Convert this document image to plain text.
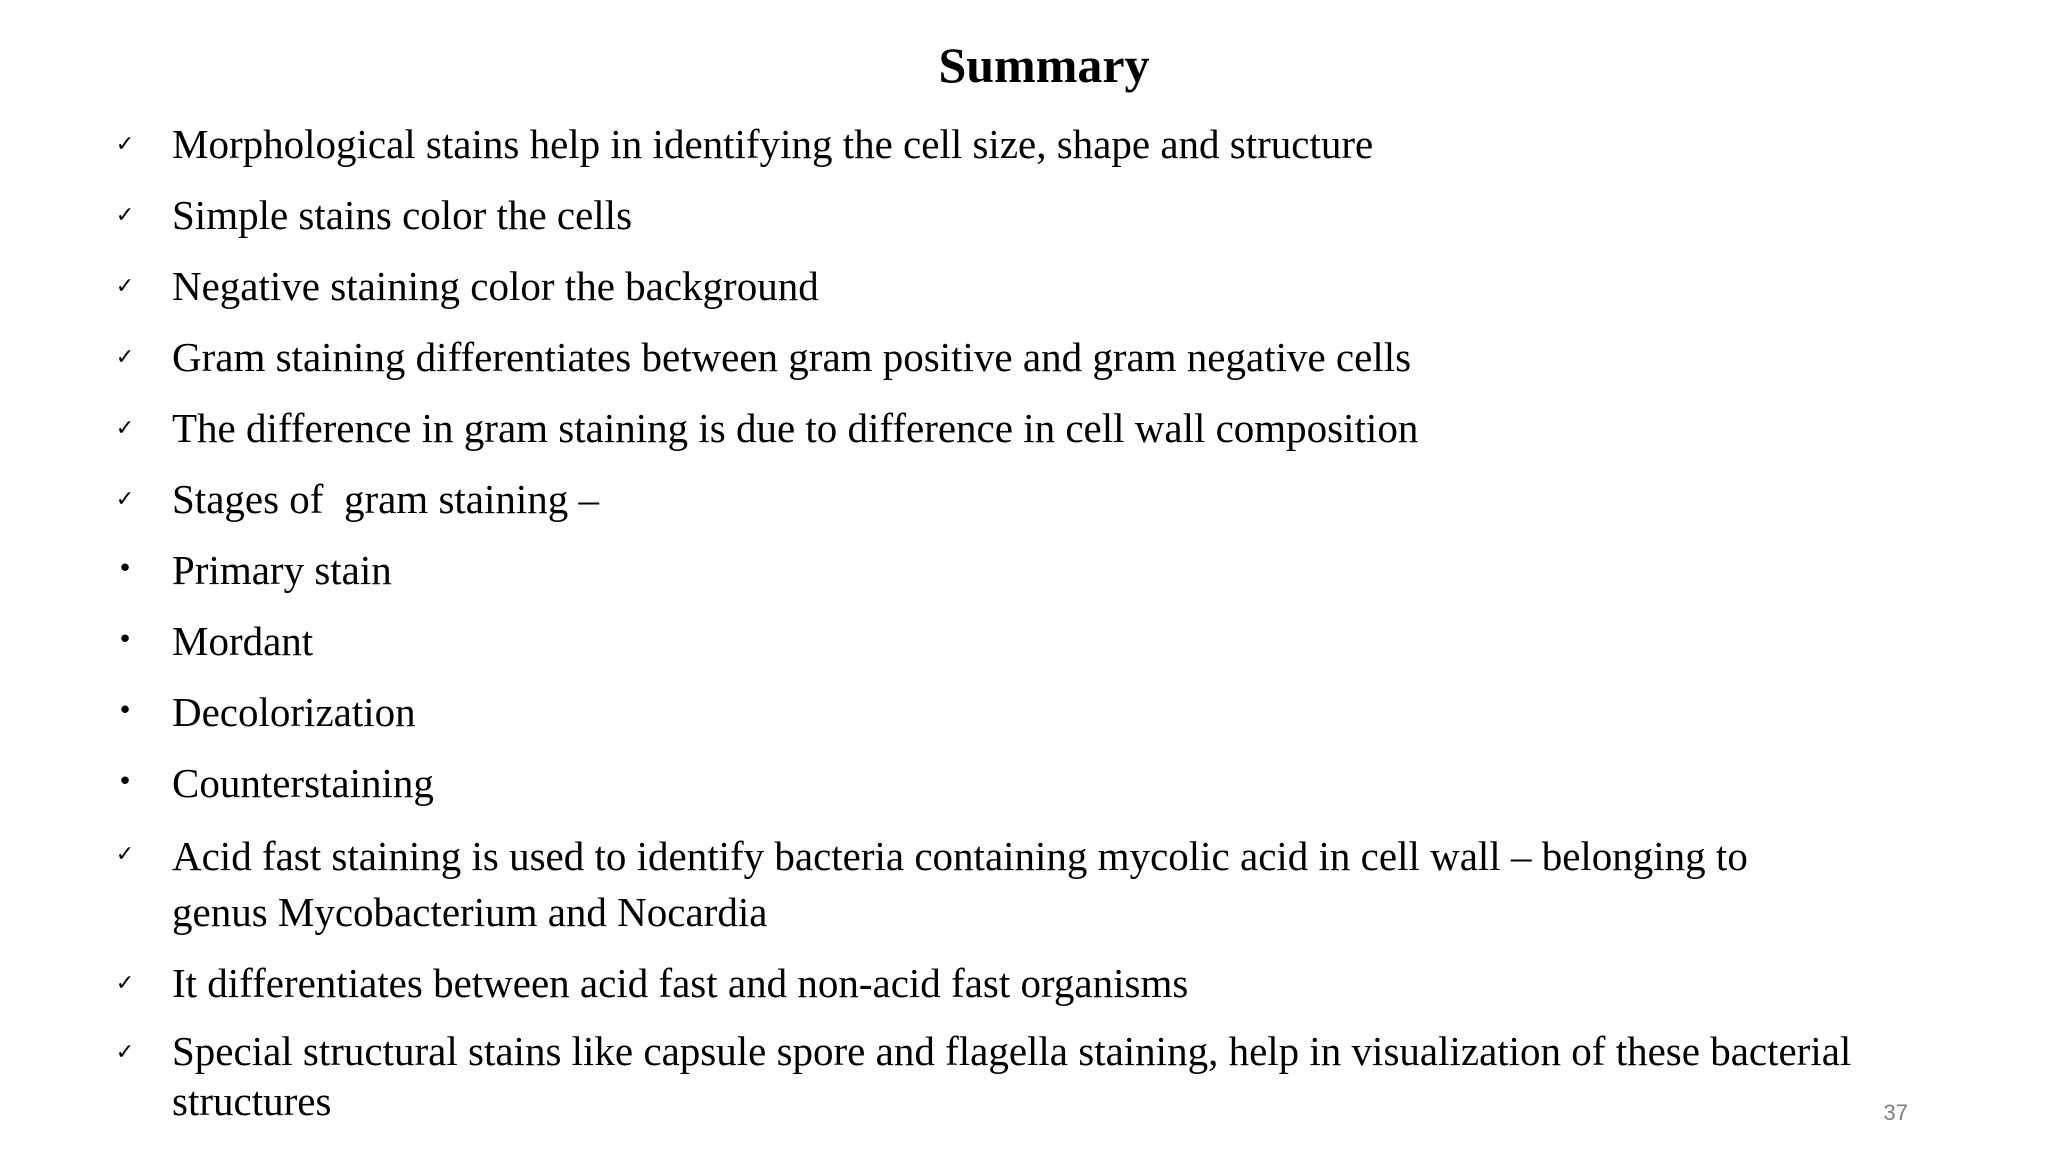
Summary
✓ Morphological stains help in identifying the cell size, shape and structure
✓ Simple stains color the cells
✓ Negative staining color the background
✓ Gram staining differentiates between gram positive and gram negative cells
✓ The difference in gram staining is due to difference in cell wall composition
✓ Stages of  gram staining –
• Primary stain
• Mordant
• Decolorization
• Counterstaining
✓ Acid fast staining is used to identify bacteria containing mycolic acid in cell wall – belonging to genus Mycobacterium and Nocardia
✓ It differentiates between acid fast and non-acid fast organisms
✓ Special structural stains like capsule spore and flagella staining, help in visualization of these bacterial structures	37
